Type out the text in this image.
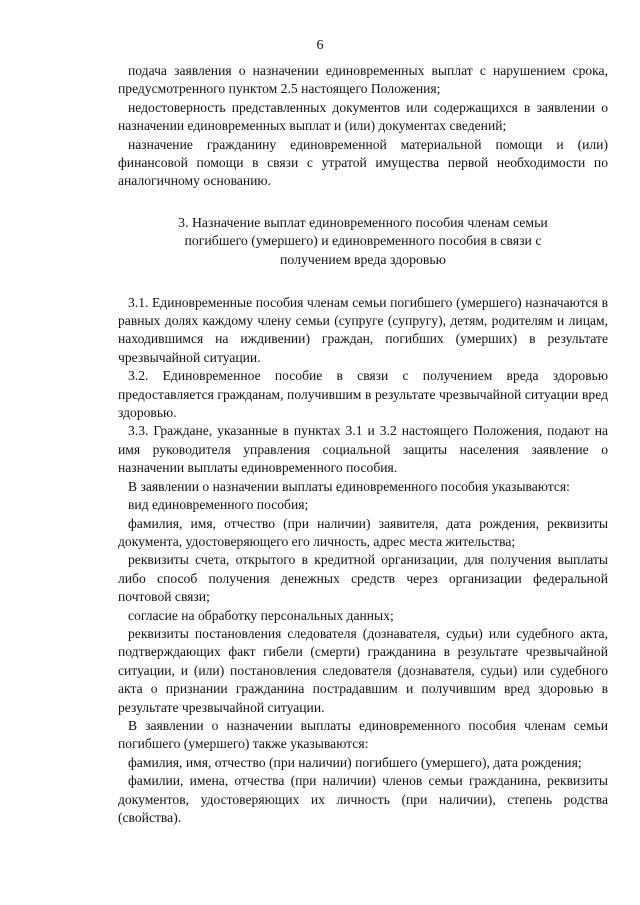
6

подача заявления о назначении единовременных выплат с нарушением срока, предусмотренного пунктом 2.5 настоящего Положения;

недостоверность представленных документов или содержащихся в заявлении о назначении единовременных выплат и (или) документах сведений;

назначение гражданину единовременной материальной помощи и (или) финансовой помощи в связи с утратой имущества первой необходимости по аналогичному основанию.

3. Назначение выплат единовременного пособия членам семьи
погибшего (умершего) и единовременного пособия в связи с
получением вреда здоровью

3.1. Единовременные пособия членам семьи погибшего (умершего) назначаются в равных долях каждому члену семьи (супруге (супругу), детям, родителям и лицам, находившимся на иждивении) граждан, погибших (умерших) в результате чрезвычайной ситуации.

3.2. Единовременное пособие в связи с получением вреда здоровью предоставляется гражданам, получившим в результате чрезвычайной ситуации вред здоровью.

3.3. Граждане, указанные в пунктах 3.1 и 3.2 настоящего Положения, подают на имя руководителя управления социальной защиты населения заявление о назначении выплаты единовременного пособия.

В заявлении о назначении выплаты единовременного пособия указываются:

вид единовременного пособия;

фамилия, имя, отчество (при наличии) заявителя, дата рождения, реквизиты документа, удостоверяющего его личность, адрес места жительства;

реквизиты счета, открытого в кредитной организации, для получения выплаты либо способ получения денежных средств через организации федеральной почтовой связи;

согласие на обработку персональных данных;

реквизиты постановления следователя (дознавателя, судьи) или судебного акта, подтверждающих факт гибели (смерти) гражданина в результате чрезвычайной ситуации, и (или) постановления следователя (дознавателя, судьи) или судебного акта о признании гражданина пострадавшим и получившим вред здоровью в результате чрезвычайной ситуации.

В заявлении о назначении выплаты единовременного пособия членам семьи погибшего (умершего) также указываются:

фамилия, имя, отчество (при наличии) погибшего (умершего), дата рождения;

фамилии, имена, отчества (при наличии) членов семьи гражданина, реквизиты документов, удостоверяющих их личность (при наличии), степень родства (свойства).
